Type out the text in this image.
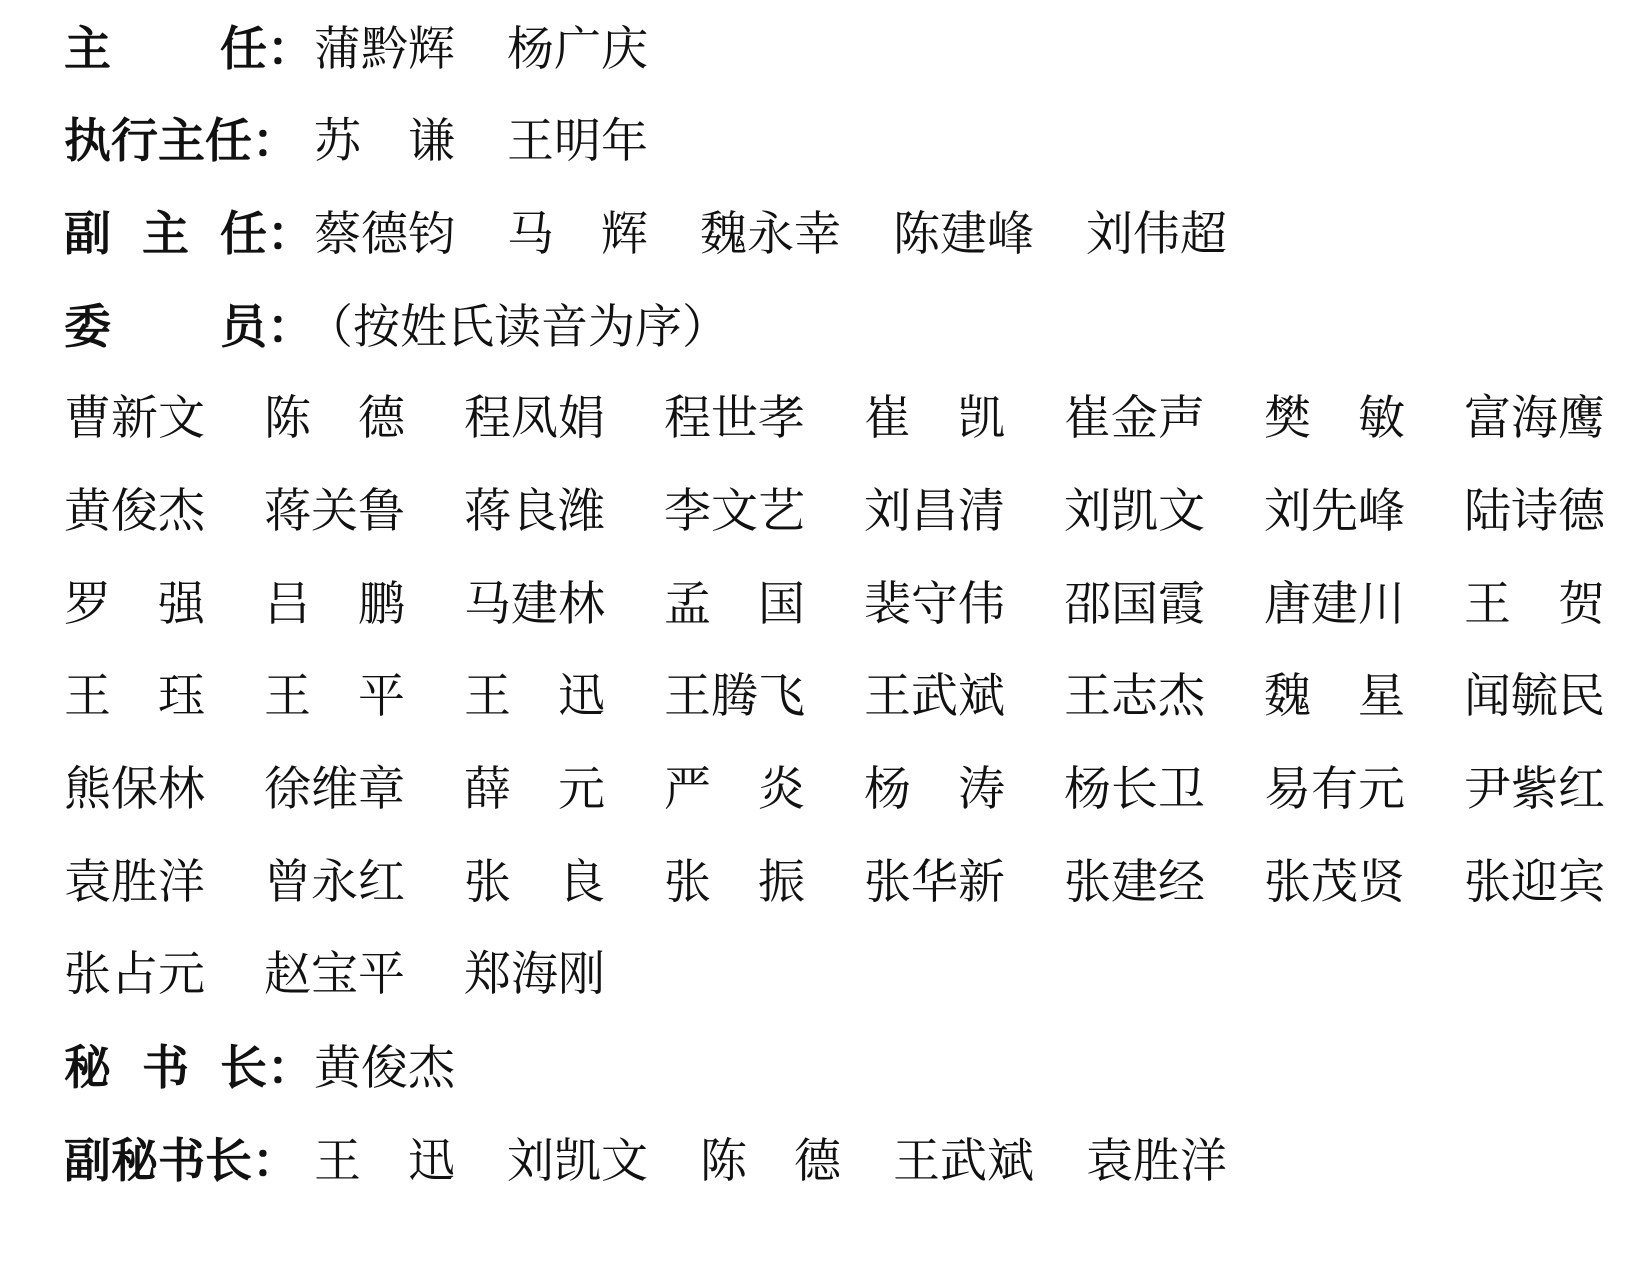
主 任： 蒲黔辉 杨广庆
执行主任： 苏　谦 王明年
副 主 任： 蔡德钧 马　辉 魏永幸 陈建峰 刘伟超
委 员：
（按姓氏读音为序）
曹新文	陈　德	程凤娟	程世孝	崔　凯	崔金声	樊　敏	富海鹰
黄俊杰	蒋关鲁	蒋良潍	李文艺	刘昌清	刘凯文	刘先峰	陆诗德
罗　强	吕　鹏	马建林	孟　国	裴守伟	邵国霞	唐建川	王　贺
王　珏	王　平	王　迅	王腾飞	王武斌	王志杰	魏　星	闻毓民
熊保林	徐维章	薛　元	严　炎	杨　涛	杨长卫	易有元	尹紫红
袁胜洋	曾永红	张　良	张　振	张华新	张建经	张茂贤	张迎宾
张占元	赵宝平	郑海刚
秘 书 长： 黄俊杰
副秘书长： 王　迅 刘凯文 陈　德 王武斌 袁胜洋
